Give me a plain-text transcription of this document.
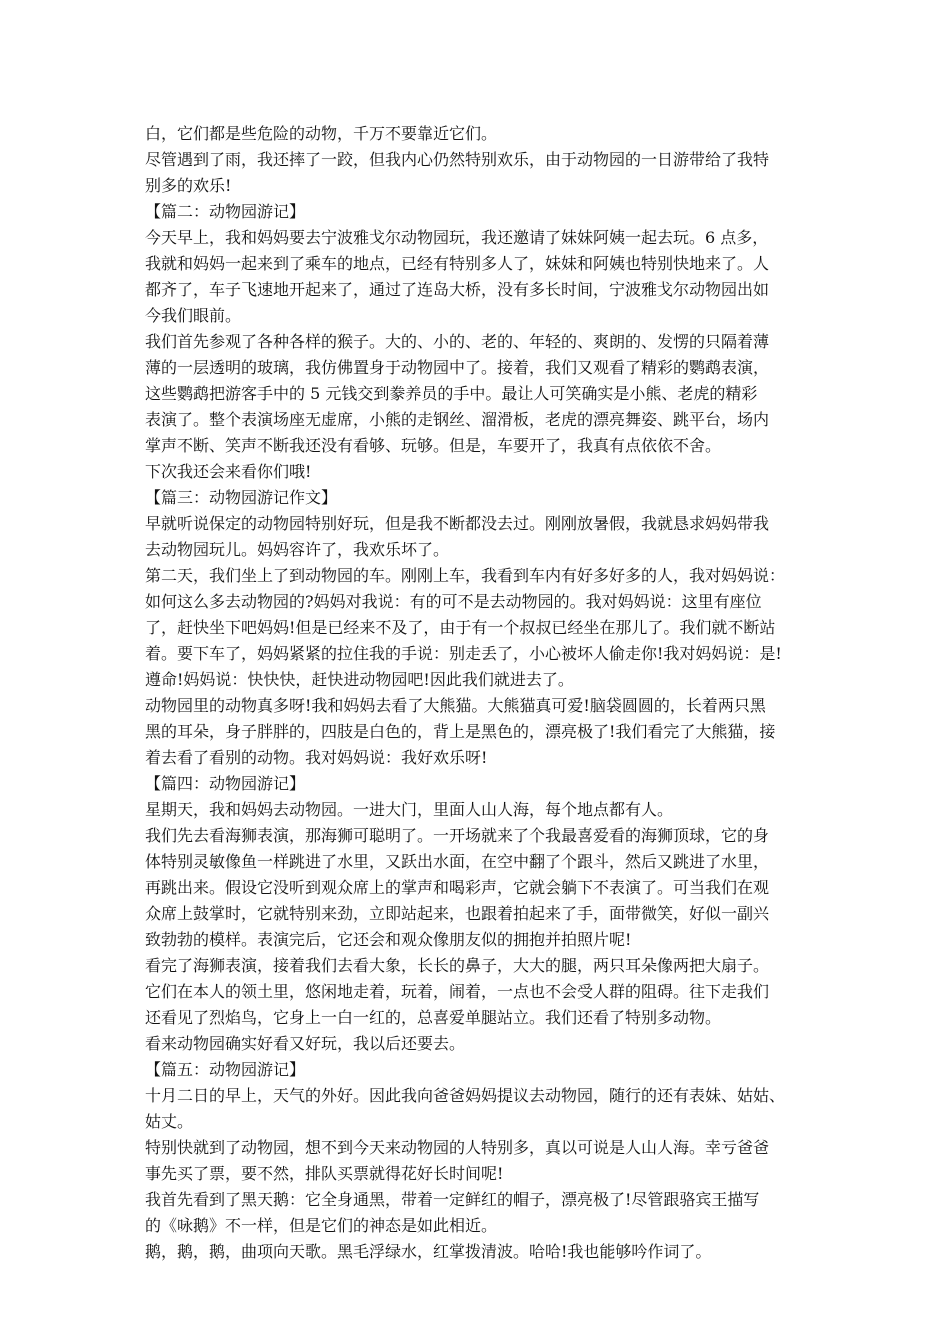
白，它们都是些危险的动物，千万不要靠近它们。
尽管遇到了雨，我还摔了一跤，但我内心仍然特别欢乐，由于动物园的一日游带给了我特
别多的欢乐!
【篇二：动物园游记】
今天早上，我和妈妈要去宁波雅戈尔动物园玩，我还邀请了妹妹阿姨一起去玩。6 点多，
我就和妈妈一起来到了乘车的地点，已经有特别多人了，妹妹和阿姨也特别快地来了。人
都齐了，车子飞速地开起来了，通过了连岛大桥，没有多长时间，宁波雅戈尔动物园出如
今我们眼前。
我们首先参观了各种各样的猴子。大的、小的、老的、年轻的、爽朗的、发愣的只隔着薄
薄的一层透明的玻璃，我仿佛置身于动物园中了。接着，我们又观看了精彩的鹦鹉表演，
这些鹦鹉把游客手中的 5 元钱交到豢养员的手中。最让人可笑确实是小熊、老虎的精彩
表演了。整个表演场座无虚席，小熊的走钢丝、溜滑板，老虎的漂亮舞姿、跳平台，场内
掌声不断、笑声不断我还没有看够、玩够。但是，车要开了，我真有点依依不舍。
下次我还会来看你们哦!
【篇三：动物园游记作文】
早就听说保定的动物园特别好玩，但是我不断都没去过。刚刚放暑假，我就恳求妈妈带我
去动物园玩儿。妈妈容许了，我欢乐坏了。
第二天，我们坐上了到动物园的车。刚刚上车，我看到车内有好多好多的人，我对妈妈说：
如何这么多去动物园的?妈妈对我说：有的可不是去动物园的。我对妈妈说：这里有座位
了，赶快坐下吧妈妈!但是已经来不及了，由于有一个叔叔已经坐在那儿了。我们就不断站
着。要下车了，妈妈紧紧的拉住我的手说：别走丢了，小心被坏人偷走你!我对妈妈说：是!
遵命!妈妈说：快快快，赶快进动物园吧!因此我们就进去了。
动物园里的动物真多呀!我和妈妈去看了大熊猫。大熊猫真可爱!脑袋圆圆的，长着两只黑
黑的耳朵，身子胖胖的，四肢是白色的，背上是黑色的，漂亮极了!我们看完了大熊猫，接
着去看了看别的动物。我对妈妈说：我好欢乐呀!
【篇四：动物园游记】
星期天，我和妈妈去动物园。一进大门，里面人山人海，每个地点都有人。
我们先去看海狮表演，那海狮可聪明了。一开场就来了个我最喜爱看的海狮顶球，它的身
体特别灵敏像鱼一样跳进了水里，又跃出水面，在空中翻了个跟斗，然后又跳进了水里，
再跳出来。假设它没听到观众席上的掌声和喝彩声，它就会躺下不表演了。可当我们在观
众席上鼓掌时，它就特别来劲，立即站起来，也跟着拍起来了手，面带微笑，好似一副兴
致勃勃的模样。表演完后，它还会和观众像朋友似的拥抱并拍照片呢!
看完了海狮表演，接着我们去看大象，长长的鼻子，大大的腿，两只耳朵像两把大扇子。
它们在本人的领土里，悠闲地走着，玩着，闹着，一点也不会受人群的阻碍。往下走我们
还看见了烈焰鸟，它身上一白一红的，总喜爱单腿站立。我们还看了特别多动物。
看来动物园确实好看又好玩，我以后还要去。
【篇五：动物园游记】
十月二日的早上，天气的外好。因此我向爸爸妈妈提议去动物园，随行的还有表妹、姑姑、
姑丈。
特别快就到了动物园，想不到今天来动物园的人特别多，真以可说是人山人海。幸亏爸爸
事先买了票，要不然，排队买票就得花好长时间呢!
我首先看到了黑天鹅：它全身通黑，带着一定鲜红的帽子，漂亮极了!尽管跟骆宾王描写
的《咏鹅》不一样，但是它们的神态是如此相近。
鹅，鹅，鹅，曲项向天歌。黑毛浮绿水，红掌拨清波。哈哈!我也能够吟作词了。
